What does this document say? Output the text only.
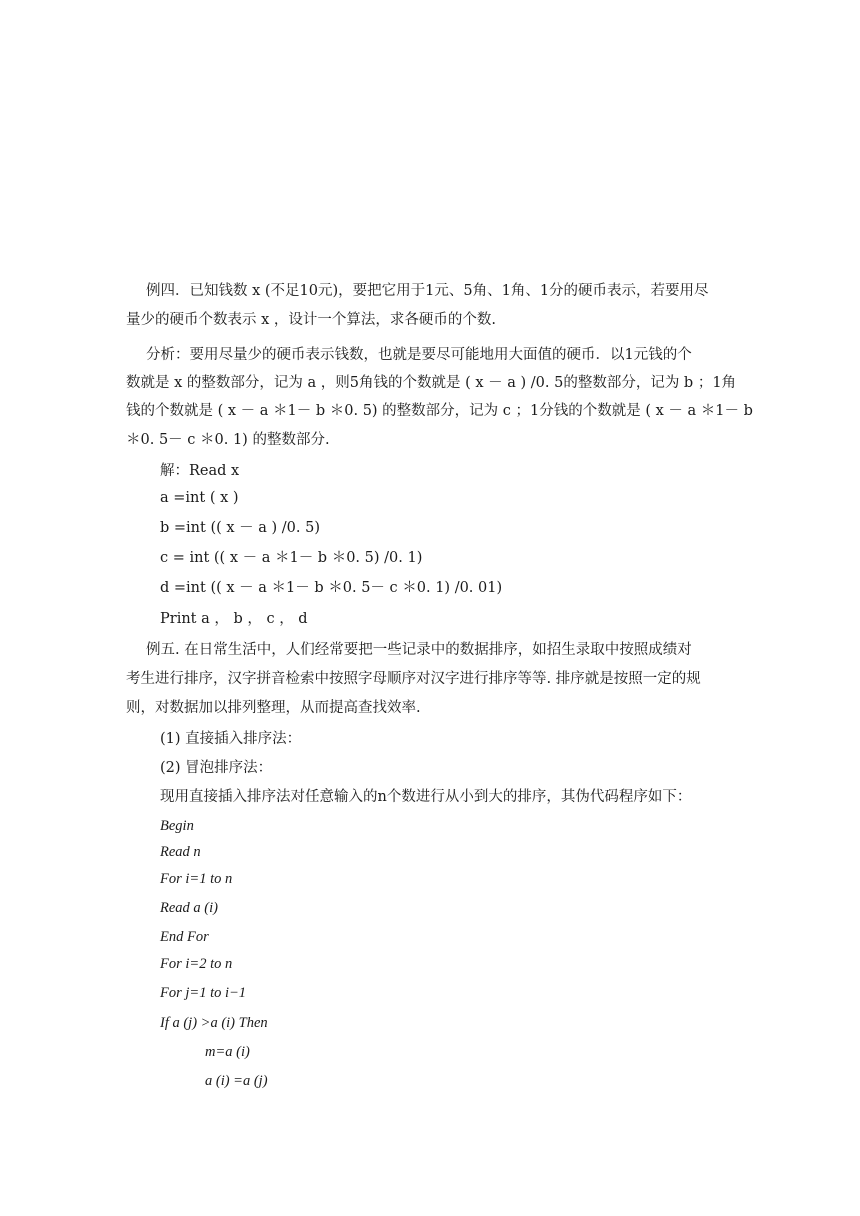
例四．已知钱数 x (不足10元)，要把它用于1元、5角、1角、1分的硬币表示，若要用尽
量少的硬币个数表示 x ，设计一个算法，求各硬币的个数.
分析：要用尽量少的硬币表示钱数，也就是要尽可能地用大面值的硬币．以1元钱的个
数就是 x 的整数部分，记为 a ，则5角钱的个数就是 ( x － a ) /0. 5的整数部分，记为 b ；1角
钱的个数就是 ( x － a ＊1－ b ＊0. 5) 的整数部分，记为 c ；1分钱的个数就是 ( x － a ＊1－ b
＊0. 5－ c ＊0. 1) 的整数部分.
解：Read x
a =int ( x )
b =int (( x － a ) /0. 5)
c = int (( x － a ＊1－ b ＊0. 5) /0. 1)
d =int (( x － a ＊1－ b ＊0. 5－ c ＊0. 1) /0. 01)
Print a ， b ， c ， d
例五. 在日常生活中，人们经常要把一些记录中的数据排序，如招生录取中按照成绩对
考生进行排序，汉字拼音检索中按照字母顺序对汉字进行排序等等. 排序就是按照一定的规
则，对数据加以排列整理，从而提高查找效率.
(1) 直接插入排序法：
(2) 冒泡排序法：
现用直接插入排序法对任意输入的n个数进行从小到大的排序，其伪代码程序如下：
Begin
Read n
For i=1 to n
Read a (i)
End For
For i=2 to n
For j=1 to i−1
If a (j) >a (i) Then
m=a (i)
a (i) =a (j)
